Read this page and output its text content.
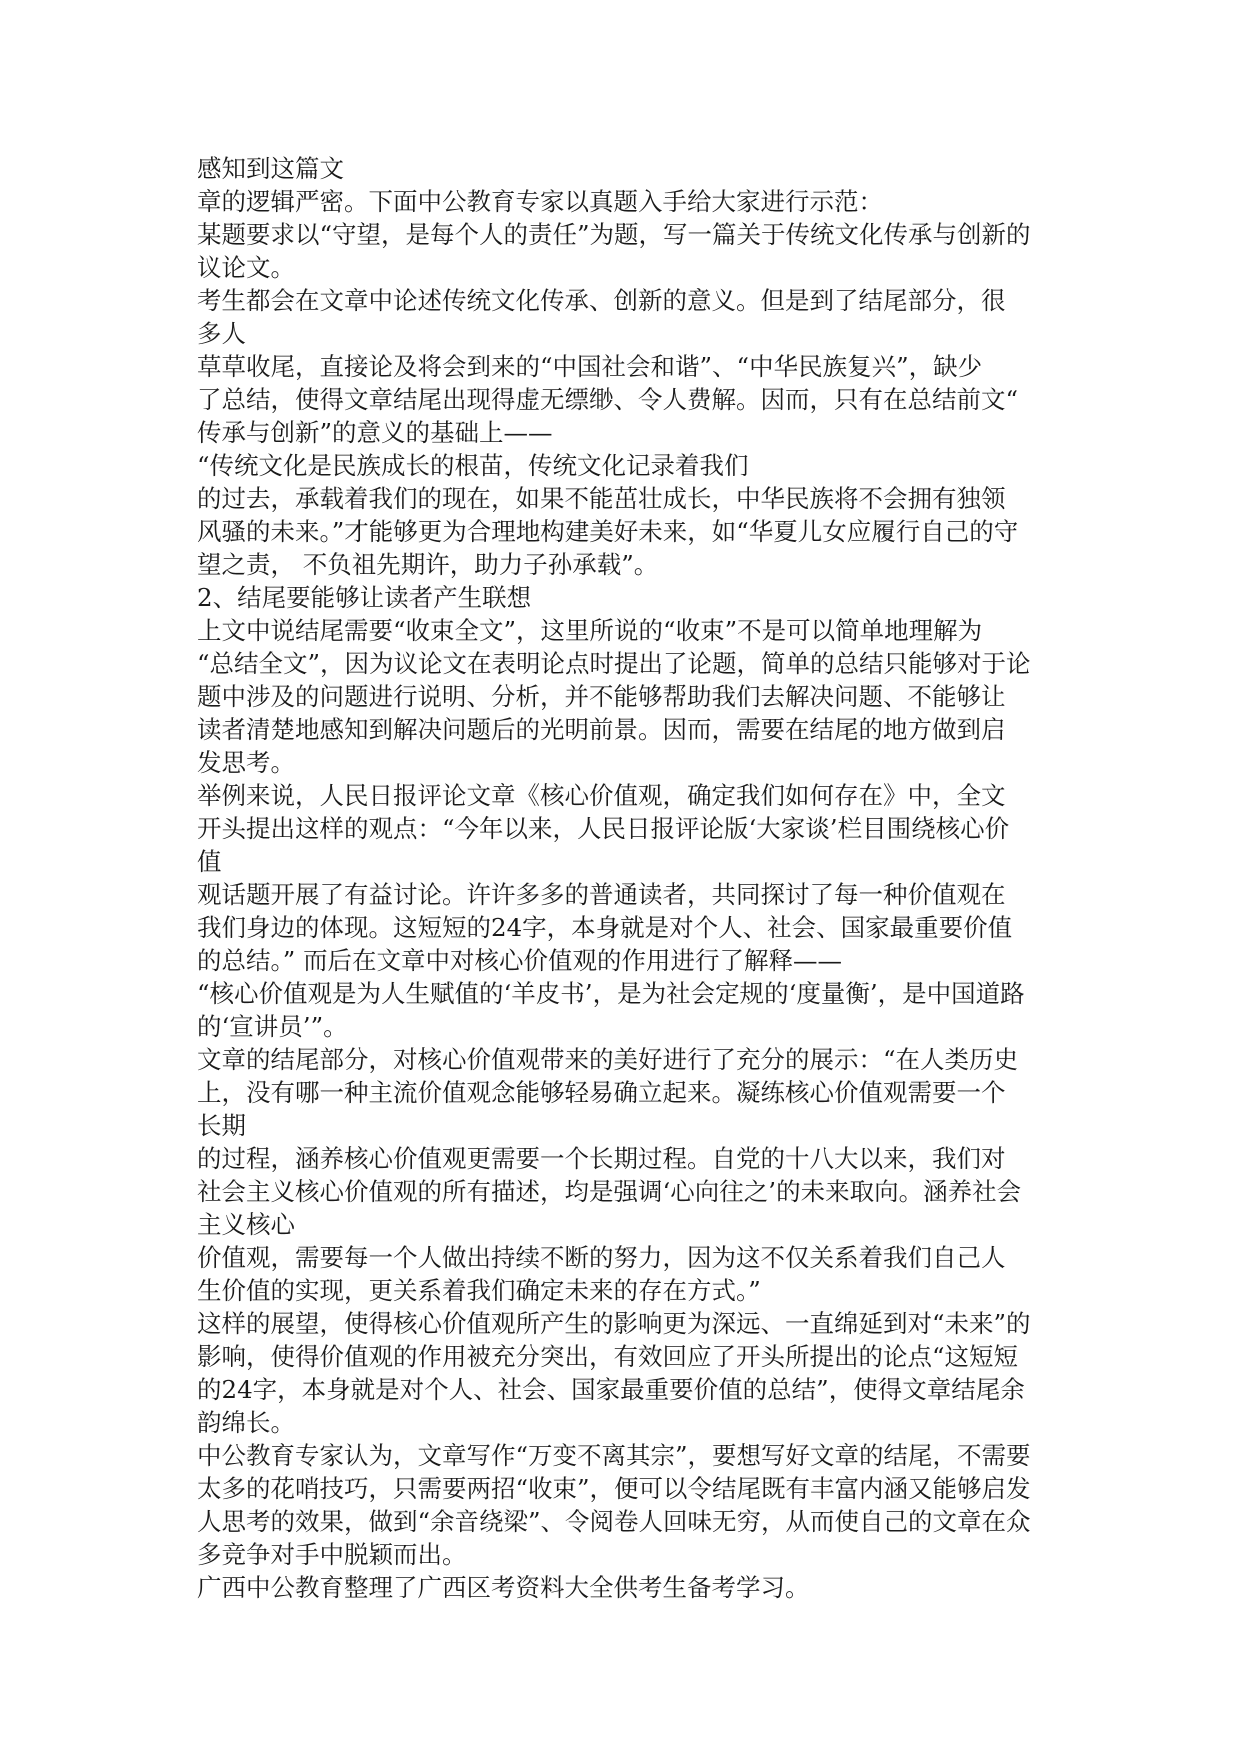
感知到这篇文
章的逻辑严密。下面中公教育专家以真题入手给大家进行示范：
某题要求以“守望，是每个人的责任”为题，写一篇关于传统文化传承与创新的
议论文。
考生都会在文章中论述传统文化传承、创新的意义。但是到了结尾部分，很
多人
草草收尾，直接论及将会到来的“中国社会和谐”、“中华民族复兴”，缺少
了总结，使得文章结尾出现得虚无缥缈、令人费解。因而，只有在总结前文“
传承与创新”的意义的基础上——
“传统文化是民族成长的根苗，传统文化记录着我们
的过去，承载着我们的现在，如果不能茁壮成长，中华民族将不会拥有独领
风骚的未来。”才能够更为合理地构建美好未来，如“华夏儿女应履行自己的守
望之责， 不负祖先期许，助力子孙承载”。
2、结尾要能够让读者产生联想
上文中说结尾需要“收束全文”，这里所说的“收束”不是可以简单地理解为
“总结全文”，因为议论文在表明论点时提出了论题，简单的总结只能够对于论
题中涉及的问题进行说明、分析，并不能够帮助我们去解决问题、不能够让
读者清楚地感知到解决问题后的光明前景。因而，需要在结尾的地方做到启
发思考。
举例来说，人民日报评论文章《核心价值观，确定我们如何存在》中，全文
开头提出这样的观点：“今年以来，人民日报评论版‘大家谈’栏目围绕核心价
值
观话题开展了有益讨论。许许多多的普通读者，共同探讨了每一种价值观在
我们身边的体现。这短短的24字，本身就是对个人、社会、国家最重要价值
的总结。” 而后在文章中对核心价值观的作用进行了解释——
“核心价值观是为人生赋值的‘羊皮书’，是为社会定规的‘度量衡’，是中国道路
的‘宣讲员’”。
文章的结尾部分，对核心价值观带来的美好进行了充分的展示：“在人类历史
上，没有哪一种主流价值观念能够轻易确立起来。凝练核心价值观需要一个
长期
的过程，涵养核心价值观更需要一个长期过程。自党的十八大以来，我们对
社会主义核心价值观的所有描述，均是强调‘心向往之’的未来取向。涵养社会
主义核心
价值观，需要每一个人做出持续不断的努力，因为这不仅关系着我们自己人
生价值的实现，更关系着我们确定未来的存在方式。”
这样的展望，使得核心价值观所产生的影响更为深远、一直绵延到对“未来”的
影响，使得价值观的作用被充分突出，有效回应了开头所提出的论点“这短短
的24字，本身就是对个人、社会、国家最重要价值的总结”，使得文章结尾余
韵绵长。
中公教育专家认为，文章写作“万变不离其宗”，要想写好文章的结尾，不需要
太多的花哨技巧，只需要两招“收束”，便可以令结尾既有丰富内涵又能够启发
人思考的效果，做到“余音绕梁”、令阅卷人回味无穷，从而使自己的文章在众
多竞争对手中脱颖而出。
广西中公教育整理了广西区考资料大全供考生备考学习。
